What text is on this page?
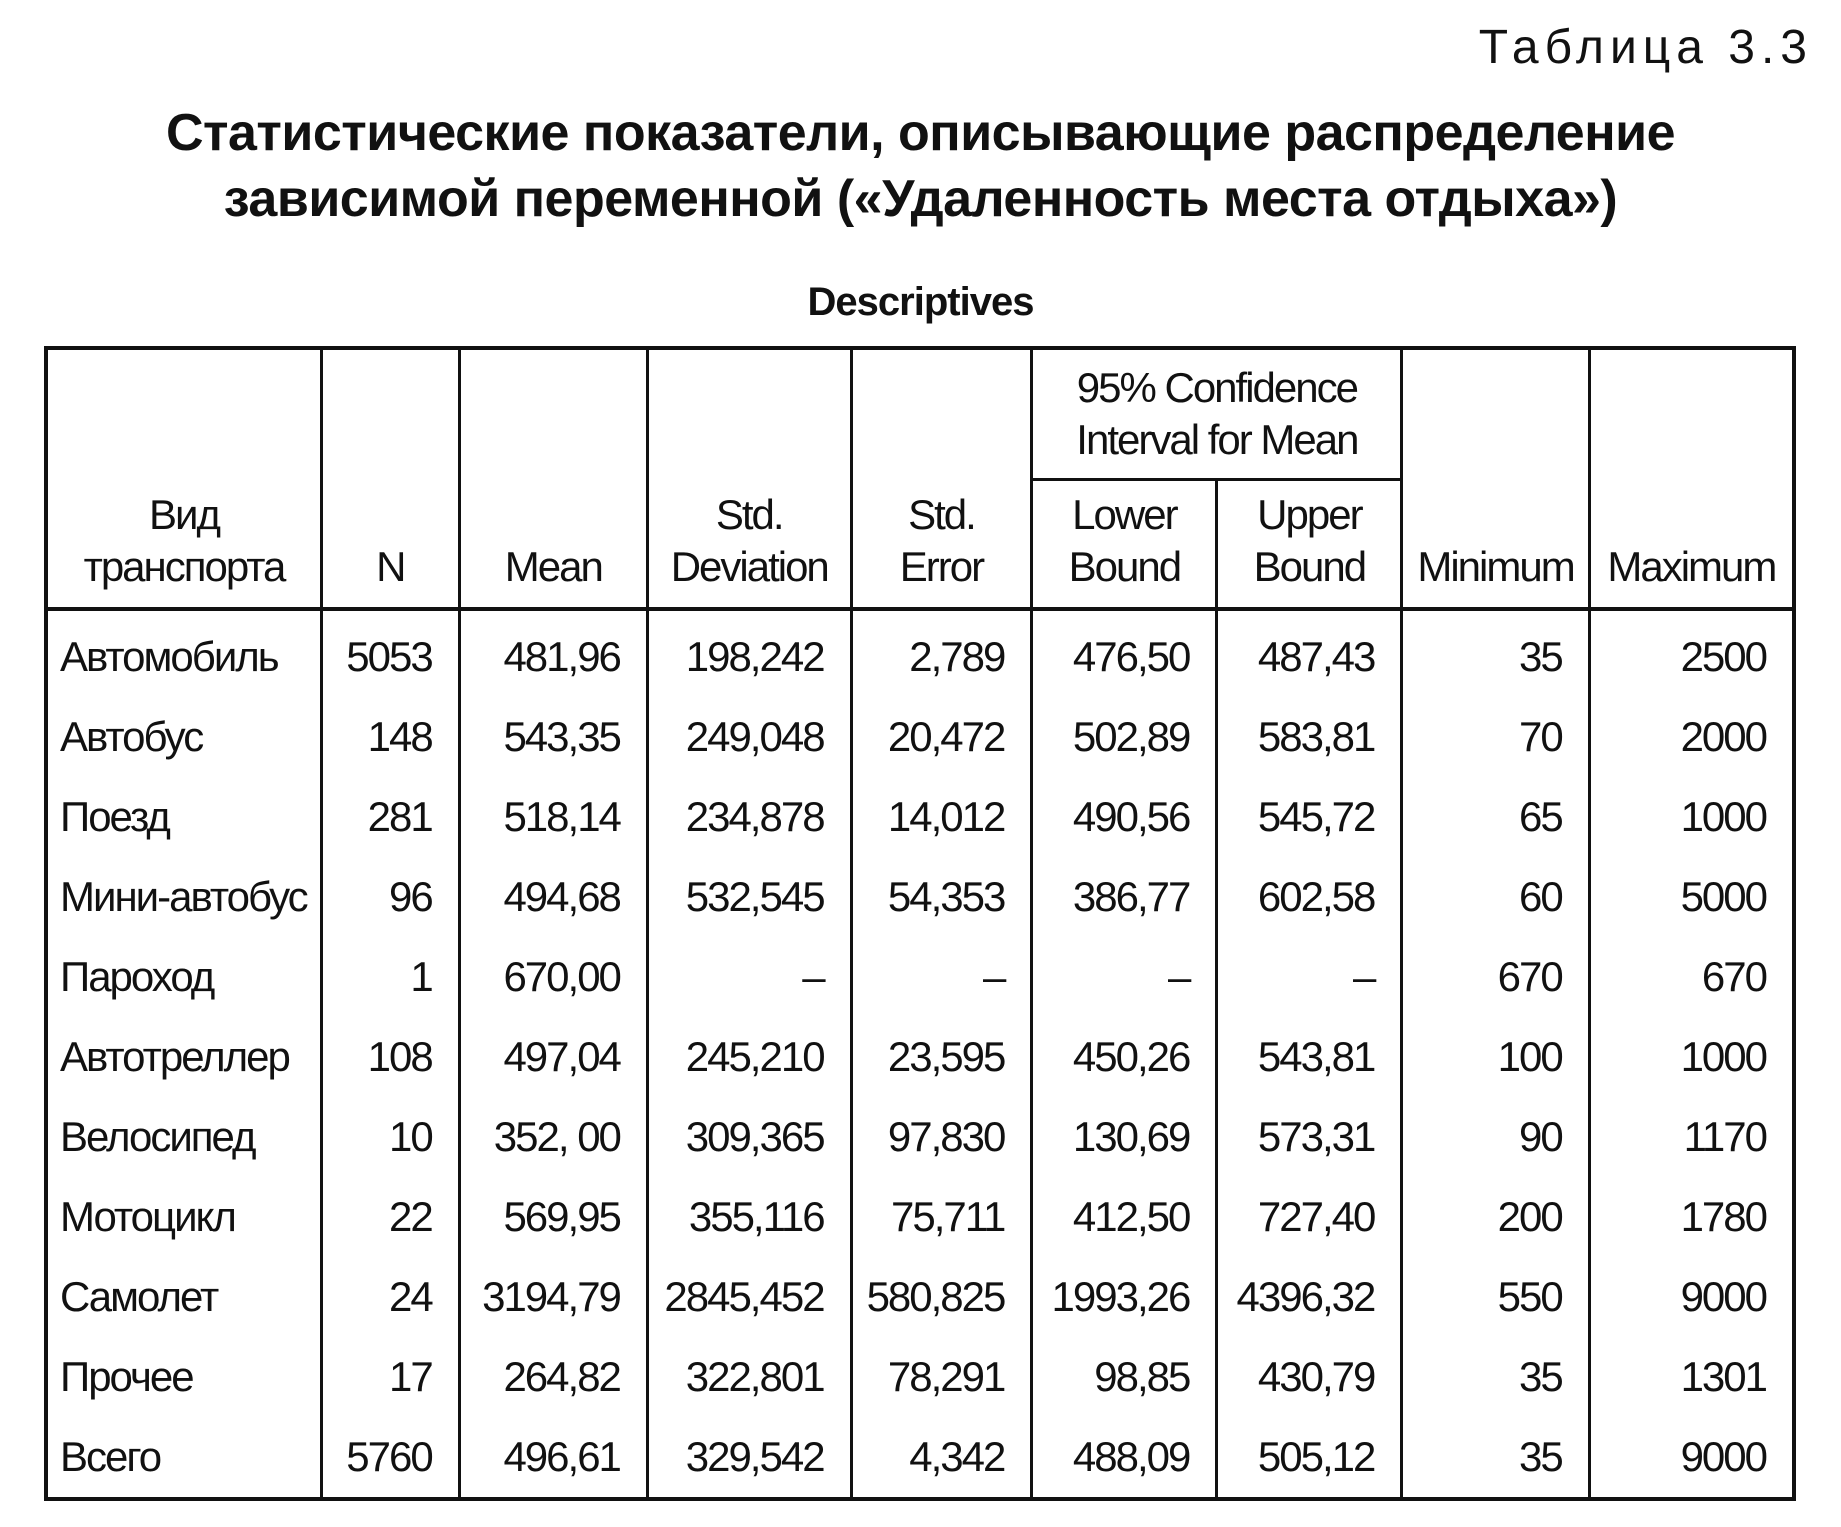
Таблица 3.3
Статистические показатели, описывающие распределение
зависимой переменной («Удаленность места отдыха»)
Descriptives
Вид транспорта	N	Mean	Std. Deviation	Std. Error	95% Confidence Interval for Mean		Minimum	Maximum
					Lower Bound	Upper Bound		
Автомобиль	5053	481,96	198,242	2,789	476,50	487,43	35	2500
Автобус	148	543,35	249,048	20,472	502,89	583,81	70	2000
Поезд	281	518,14	234,878	14,012	490,56	545,72	65	1000
Мини-автобус	96	494,68	532,545	54,353	386,77	602,58	60	5000
Пароход	1	670,00	–	–	–	–	670	670
Автотреллер	108	497,04	245,210	23,595	450,26	543,81	100	1000
Велосипед	10	352, 00	309,365	97,830	130,69	573,31	90	1170
Мотоцикл	22	569,95	355,116	75,711	412,50	727,40	200	1780
Самолет	24	3194,79	2845,452	580,825	1993,26	4396,32	550	9000
Прочее	17	264,82	322,801	78,291	98,85	430,79	35	1301
Всего	5760	496,61	329,542	4,342	488,09	505,12	35	9000
